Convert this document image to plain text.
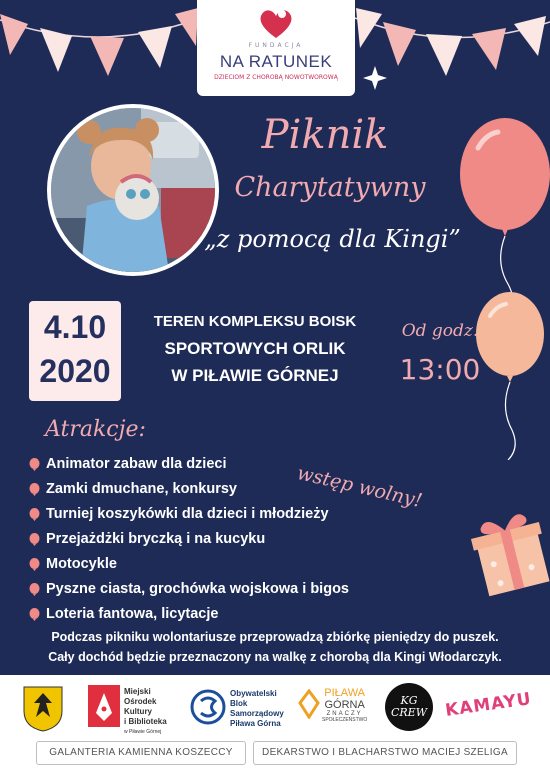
FUNDACJA
NA RATUNEK
DZIECIOM Z CHOROBĄ NOWOTWOROWĄ
Piknik
Charytatywny
„z pomocą dla Kingi”
4.10
2020
TEREN KOMPLEKSU BOISK
SPORTOWYCH ORLIK
W PIŁAWIE GÓRNEJ
Od godz.
13:00
Atrakcje:
Animator zabaw dla dzieci
Zamki dmuchane, konkursy
Turniej koszykówki dla dzieci i młodzieży
Przejażdżki bryczką i na kucyku
Motocykle
Pyszne ciasta, grochówka wojskowa i bigos
Loteria fantowa, licytacje
wstęp wolny!
Podczas pikniku wolontariusze przeprowadzą zbiórkę pieniędzy do puszek.
Cały dochód będzie przeznaczony na walkę z chorobą dla Kingi Włodarczyk.
Miejski
Ośrodek
Kultury
i Biblioteka
w Piławie Górnej
Obywatelski
Blok
Samorządowy
Piława Górna
PIŁAWA
GÓRNA
ZNACZY
SPOŁECZEŃSTWO
KG CREW	KAMAYU
GALANTERIA KAMIENNA KOSZECCY	DEKARSTWO I BLACHARSTWO MACIEJ SZELIGA
